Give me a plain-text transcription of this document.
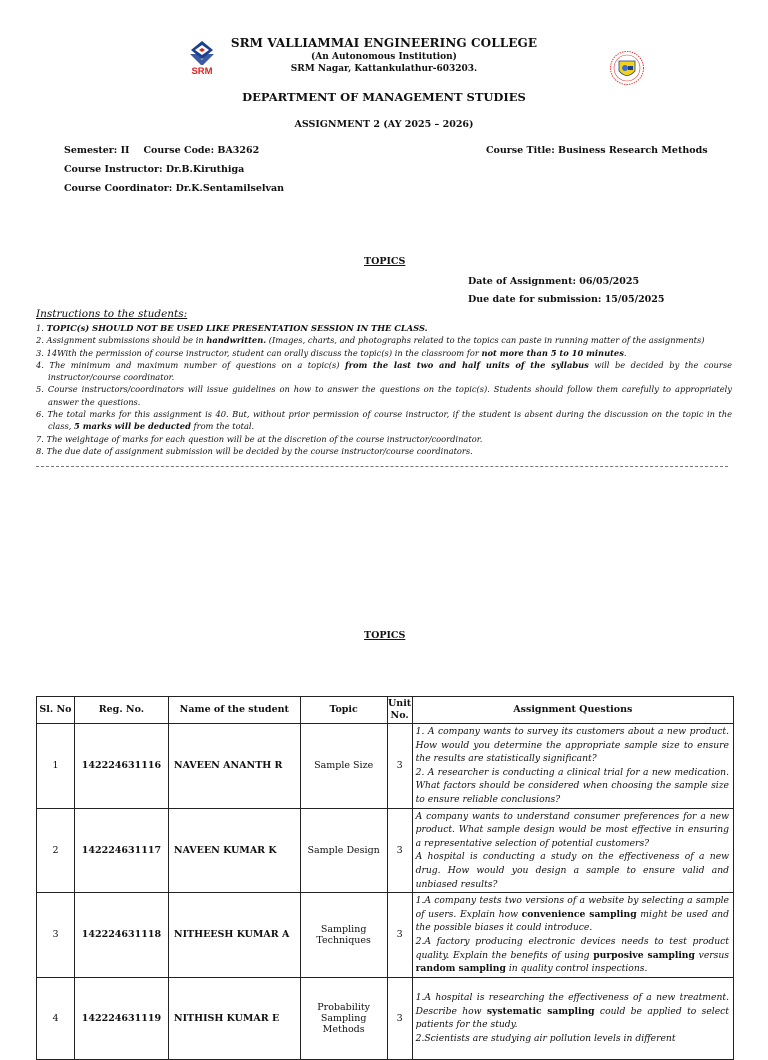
SRM
SRM VALLIAMMAI ENGINEERING COLLEGE
(An Autonomous Institution)
SRM Nagar, Kattankulathur-603203.
DEPARTMENT OF MANAGEMENT STUDIES
ASSIGNMENT 2 (AY 2025 – 2026)
Semester: II Course Code: BA3262	Course Title: Business Research Methods
Course Instructor: Dr.B.Kiruthiga
Course Coordinator: Dr.K.Sentamilselvan
TOPICS
Date of Assignment: 06/05/2025
Due date for submission: 15/05/2025
Instructions to the students:
1. TOPIC(s) SHOULD NOT BE USED LIKE PRESENTATION SESSION IN THE CLASS.
2. Assignment submissions should be in handwritten. (Images, charts, and photographs related to the topics can paste in running matter of the assignments)
3. 14With the permission of course instructor, student can orally discuss the topic(s) in the classroom for not more than 5 to 10 minutes.
4. The minimum and maximum number of questions on a topic(s) from the last two and half units of the syllabus will be decided by the course instructor/course coordinator.
5. Course instructors/coordinators will issue guidelines on how to answer the questions on the topic(s). Students should follow them carefully to appropriately answer the questions.
6. The total marks for this assignment is 40. But, without prior permission of course instructor, if the student is absent during the discussion on the topic in the class, 5 marks will be deducted from the total.
7. The weightage of marks for each question will be at the discretion of the course instructor/coordinator.
8. The due date of assignment submission will be decided by the course instructor/course coordinators.
TOPICS
Sl. No	Reg. No.	Name of the student	Topic	Unit No.	Assignment Questions
1	142224631116	NAVEEN ANANTH R	Sample Size	3	1. A company wants to survey its customers about a new product. How would you determine the appropriate sample size to ensure the results are statistically significant?
2. A researcher is conducting a clinical trial for a new medication. What factors should be considered when choosing the sample size to ensure reliable conclusions?

2	142224631117	NAVEEN KUMAR K	Sample Design	3	A company wants to understand consumer preferences for a new product. What sample design would be most effective in ensuring a representative selection of potential customers?
A hospital is conducting a study on the effectiveness of a new drug. How would you design a sample to ensure valid and unbiased results?

3	142224631118	NITHEESH KUMAR A	Sampling Techniques	3	1.A company tests two versions of a website by selecting a sample of users. Explain how convenience sampling might be used and the possible biases it could introduce.
2.A factory producing electronic devices needs to test product quality. Explain the benefits of using purposive sampling versus random sampling in quality control inspections.

4	142224631119	NITHISH KUMAR E	Probability Sampling Methods	3	1.A hospital is researching the effectiveness of a new treatment. Describe how systematic sampling could be applied to select patients for the study.
2.Scientists are studying air pollution levels in different
